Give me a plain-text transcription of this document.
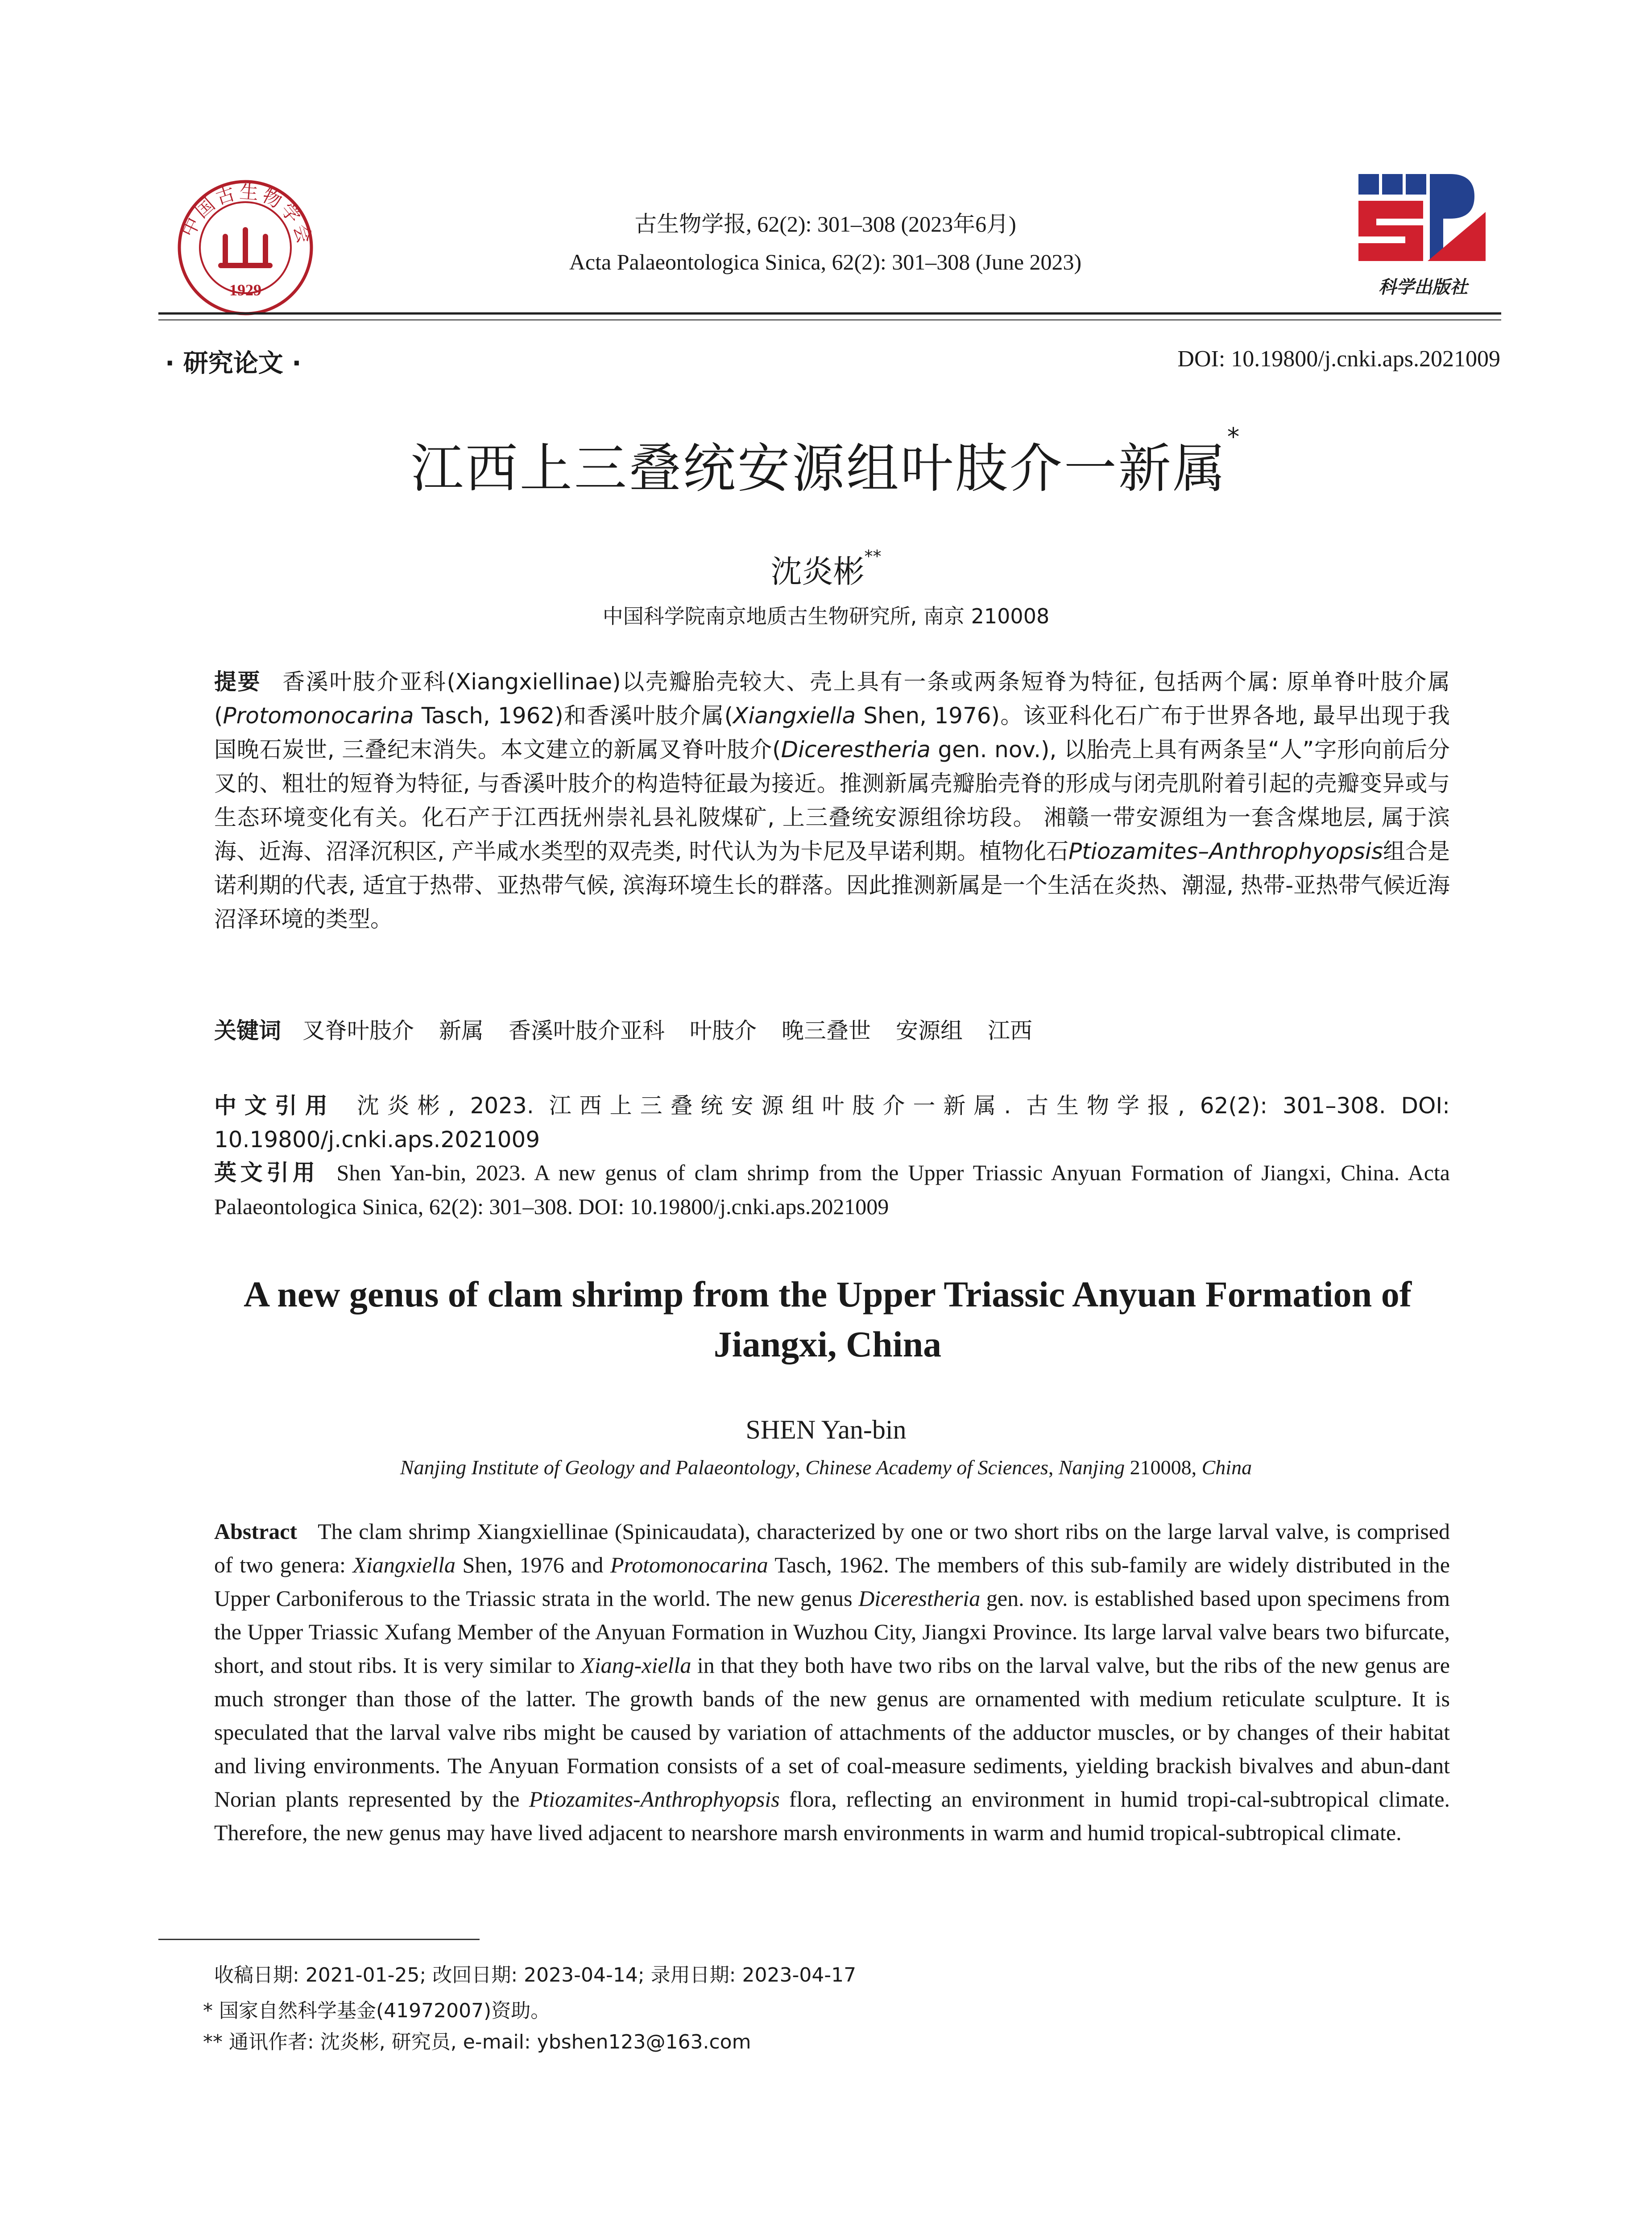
中国古生物学会
1929
古生物学报, 62(2): 301–308 (2023年6月)
Acta Palaeontologica Sinica, 62(2): 301–308 (June 2023)
科学出版社
· 研究论文 ·	DOI: 10.19800/j.cnki.aps.2021009
江西上三叠统安源组叶肢介一新属*
沈炎彬**
中国科学院南京地质古生物研究所, 南京 210008
提要 香溪叶肢介亚科(Xiangxiellinae)以壳瓣胎壳较大、壳上具有一条或两条短脊为特征, 包括两个属: 原单脊叶肢介属(Protomonocarina Tasch, 1962)和香溪叶肢介属(Xiangxiella Shen, 1976)。该亚科化石广布于世界各地, 最早出现于我国晚石炭世, 三叠纪末消失。本文建立的新属叉脊叶肢介(Dicerestheria gen. nov.), 以胎壳上具有两条呈“人”字形向前后分叉的、粗壮的短脊为特征, 与香溪叶肢介的构造特征最为接近。推测新属壳瓣胎壳脊的形成与闭壳肌附着引起的壳瓣变异或与生态环境变化有关。化石产于江西抚州崇礼县礼陂煤矿, 上三叠统安源组徐坊段。 湘赣一带安源组为一套含煤地层, 属于滨海、近海、沼泽沉积区, 产半咸水类型的双壳类, 时代认为为卡尼及早诺利期。植物化石Ptiozamites–Anthrophyopsis组合是诺利期的代表, 适宜于热带、亚热带气候, 滨海环境生长的群落。因此推测新属是一个生活在炎热、潮湿, 热带-亚热带气候近海沼泽环境的类型。
关键词 叉脊叶肢介 新属 香溪叶肢介亚科 叶肢介 晚三叠世 安源组 江西
中文引用 沈炎彬, 2023. 江西上三叠统安源组叶肢介一新属. 古生物学报, 62(2): 301–308. DOI: 10.19800/j.cnki.aps.2021009
英文引用 Shen Yan-bin, 2023. A new genus of clam shrimp from the Upper Triassic Anyuan Formation of Jiangxi, China. Acta Palaeontologica Sinica, 62(2): 301–308. DOI: 10.19800/j.cnki.aps.2021009
A new genus of clam shrimp from the Upper Triassic Anyuan Formation of Jiangxi, China
SHEN Yan-bin
Nanjing Institute of Geology and Palaeontology, Chinese Academy of Sciences, Nanjing 210008, China
Abstract The clam shrimp Xiangxiellinae (Spinicaudata), characterized by one or two short ribs on the large larval valve, is comprised of two genera: Xiangxiella Shen, 1976 and Protomonocarina Tasch, 1962. The members of this sub-family are widely distributed in the Upper Carboniferous to the Triassic strata in the world. The new genus Dicerestheria gen. nov. is established based upon specimens from the Upper Triassic Xufang Member of the Anyuan Formation in Wuzhou City, Jiangxi Province. Its large larval valve bears two bifurcate, short, and stout ribs. It is very similar to Xiang-xiella in that they both have two ribs on the larval valve, but the ribs of the new genus are much stronger than those of the latter. The growth bands of the new genus are ornamented with medium reticulate sculpture. It is speculated that the larval valve ribs might be caused by variation of attachments of the adductor muscles, or by changes of their habitat and living environments. The Anyuan Formation consists of a set of coal-measure sediments, yielding brackish bivalves and abun-dant Norian plants represented by the Ptiozamites-Anthrophyopsis flora, reflecting an environment in humid tropi-cal-subtropical climate. Therefore, the new genus may have lived adjacent to nearshore marsh environments in warm and humid tropical-subtropical climate.
收稿日期: 2021-01-25; 改回日期: 2023-04-14; 录用日期: 2023-04-17
* 国家自然科学基金(41972007)资助。
** 通讯作者: 沈炎彬, 研究员, e-mail: ybshen123@163.com
